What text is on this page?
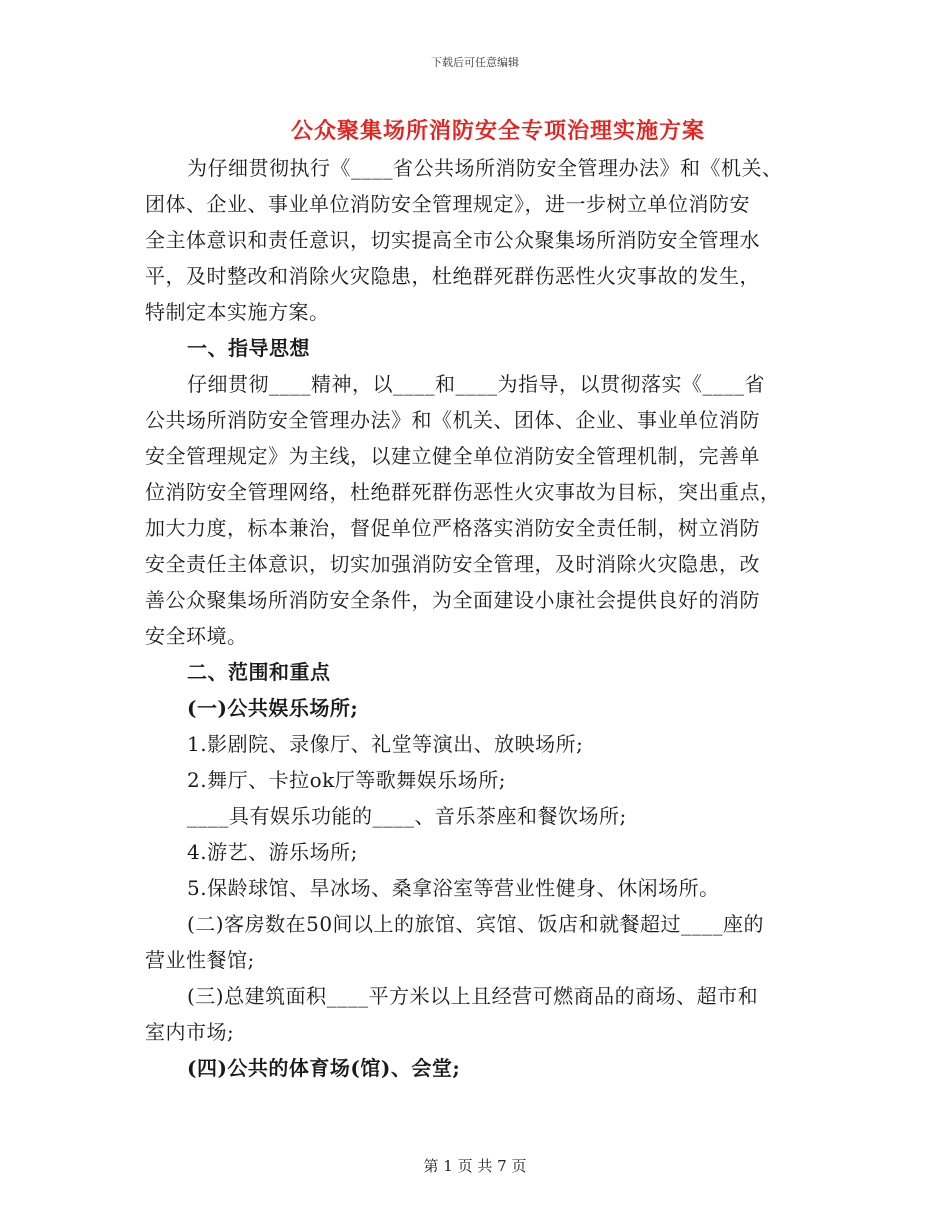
下载后可任意编辑
公众聚集场所消防安全专项治理实施方案
为仔细贯彻执行《____省公共场所消防安全管理办法》和《机关、
团体、企业、事业单位消防安全管理规定》，进一步树立单位消防安
全主体意识和责任意识，切实提高全市公众聚集场所消防安全管理水
平，及时整改和消除火灾隐患，杜绝群死群伤恶性火灾事故的发生，
特制定本实施方案。
一、指导思想
仔细贯彻____精神，以____和____为指导，以贯彻落实《____省
公共场所消防安全管理办法》和《机关、团体、企业、事业单位消防
安全管理规定》为主线，以建立健全单位消防安全管理机制，完善单
位消防安全管理网络，杜绝群死群伤恶性火灾事故为目标，突出重点，
加大力度，标本兼治，督促单位严格落实消防安全责任制，树立消防
安全责任主体意识，切实加强消防安全管理，及时消除火灾隐患，改
善公众聚集场所消防安全条件，为全面建设小康社会提供良好的消防
安全环境。
二、范围和重点
(一)公共娱乐场所;
1.影剧院、录像厅、礼堂等演出、放映场所;
2.舞厅、卡拉ok厅等歌舞娱乐场所;
____具有娱乐功能的____、音乐茶座和餐饮场所;
4.游艺、游乐场所;
5.保龄球馆、旱冰场、桑拿浴室等营业性健身、休闲场所。
(二)客房数在50间以上的旅馆、宾馆、饭店和就餐超过____座的
营业性餐馆;
(三)总建筑面积____平方米以上且经营可燃商品的商场、超市和
室内市场;
(四)公共的体育场(馆)、会堂;
第 1 页 共 7 页
